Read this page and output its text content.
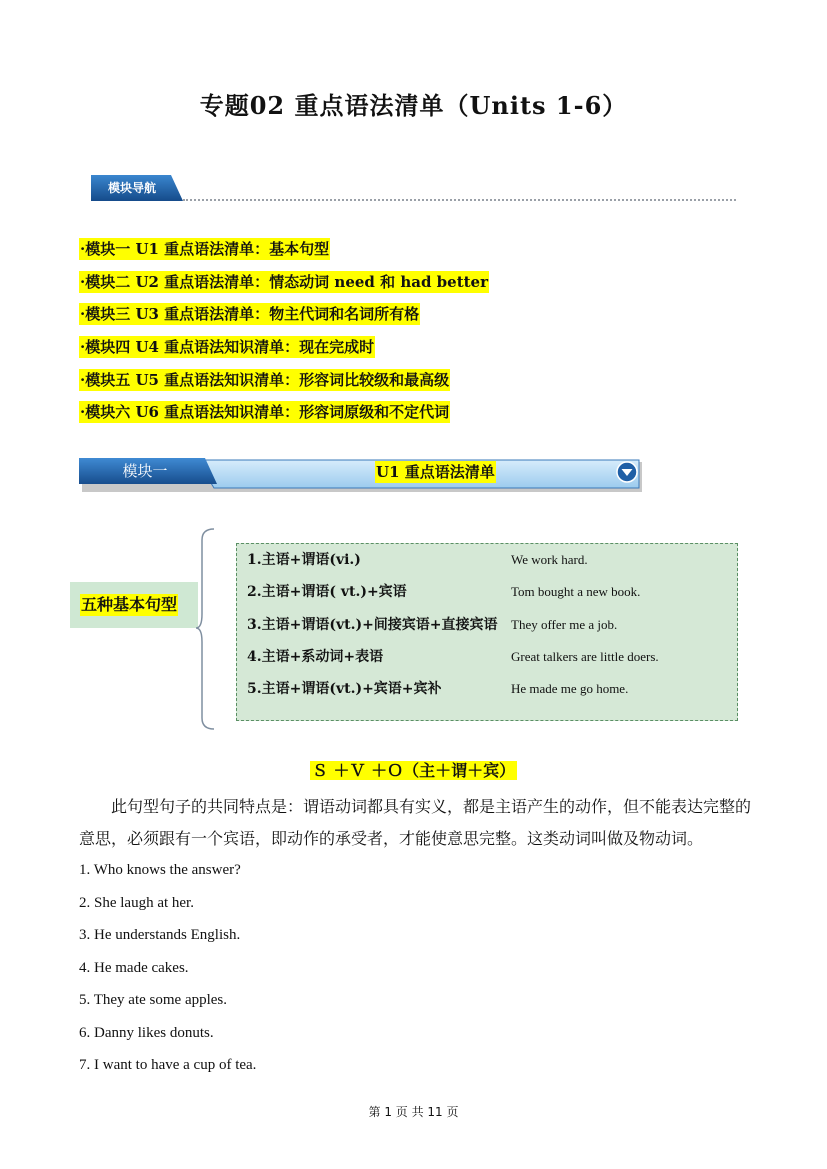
专题02 重点语法清单（Units 1-6）
模块导航
·模块一 U1 重点语法清单：基本句型
·模块二 U2 重点语法清单：情态动词 need 和 had better
·模块三 U3 重点语法清单：物主代词和名词所有格
·模块四 U4 重点语法知识清单：现在完成时
·模块五 U5 重点语法知识清单：形容词比较级和最高级
·模块六 U6 重点语法知识清单：形容词原级和不定代词
模块一	U1 重点语法清单
五种基本句型
1.主语+谓语(vi.)	We work hard.
2.主语+谓语( vt.)+宾语	Tom bought a new book.
3.主语+谓语(vt.)+间接宾语+直接宾语 They offer me a job.
4.主语+系动词+表语	Great talkers are little doers.
5.主语+谓语(vt.)+宾语+宾补	He made me go home.
Ｓ ＋Ｖ ＋Ｏ（主＋谓＋宾）
此句型句子的共同特点是：谓语动词都具有实义，都是主语产生的动作，但不能表达完整的意思，必须跟有一个宾语，即动作的承受者，才能使意思完整。这类动词叫做及物动词。
1. Who knows the answer?
2. She laugh at her.
3. He understands English.
4. He made cakes.
5. They ate some apples.
6. Danny likes donuts.
7. I want to have a cup of tea.
第 1 页 共 11 页
